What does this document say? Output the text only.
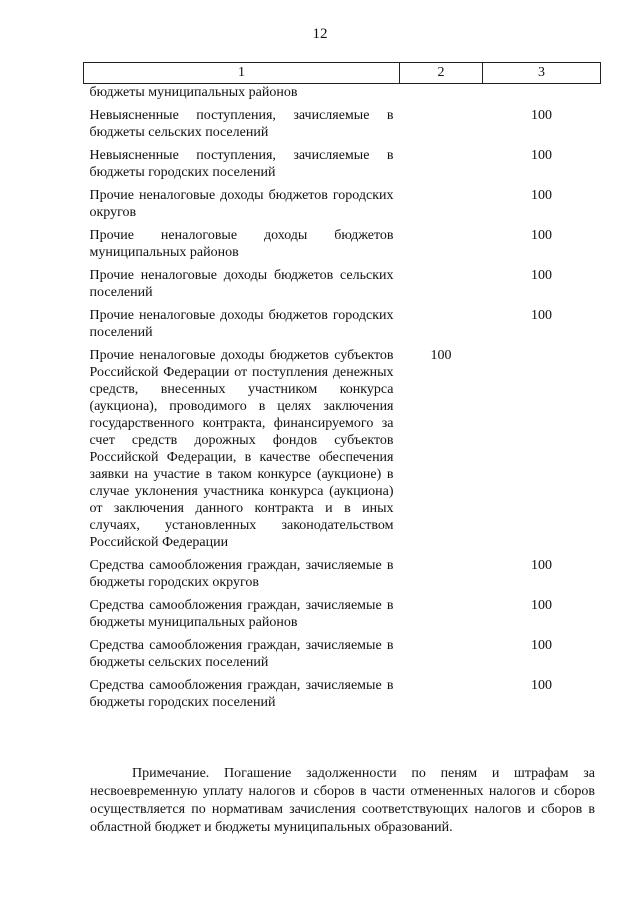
12
1	2	3
бюджеты муниципальных районов		
Невыясненные поступления, зачисляемые в бюджеты сельских поселений		100
Невыясненные поступления, зачисляемые в бюджеты городских поселений		100
Прочие неналоговые доходы бюджетов городских округов		100
Прочие неналоговые доходы бюджетов муниципальных районов		100
Прочие неналоговые доходы бюджетов сельских поселений		100
Прочие неналоговые доходы бюджетов городских поселений		100
Прочие неналоговые доходы бюджетов субъектов Российской Федерации от поступления денежных средств, внесенных участником конкурса (аукциона), проводимого в целях заключения государственного контракта, финансируемого за счет средств дорожных фондов субъектов Российской Федерации, в качестве обеспечения заявки на участие в таком конкурсе (аукционе) в случае уклонения участника конкурса (аукциона) от заключения данного контракта и в иных случаях, установленных законодательством Российской Федерации	100	
Средства самообложения граждан, зачисляемые в бюджеты городских округов		100
Средства самообложения граждан, зачисляемые в бюджеты муниципальных районов		100
Средства самообложения граждан, зачисляемые в бюджеты сельских поселений		100
Средства самообложения граждан, зачисляемые в бюджеты городских поселений		100
Примечание. Погашение задолженности по пеням и штрафам за несвоевременную уплату налогов и сборов в части отмененных налогов и сборов осуществляется по нормативам зачисления соответствующих налогов и сборов в областной бюджет и бюджеты муниципальных образований.
